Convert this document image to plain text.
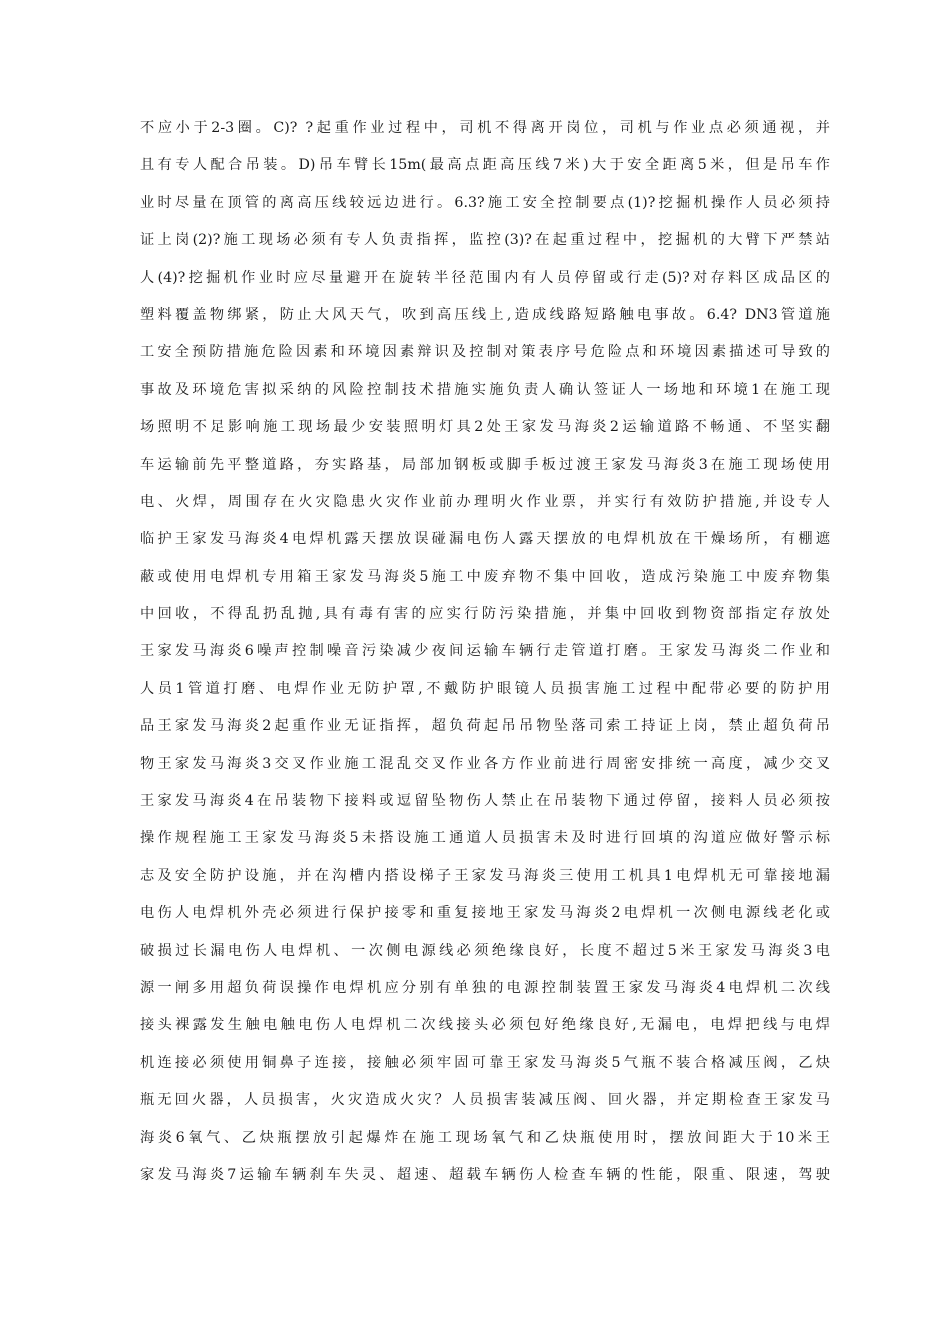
不应小于2-3圈。C)? ?起重作业过程中，司机不得离开岗位，司机与作业点必须通视，并
且有专人配合吊装。D)吊车臂长15m(最高点距高压线7米)大于安全距离5米，但是吊车作
业时尽量在顶管的离高压线较远边进行。6.3?施工安全控制要点(1)?挖掘机操作人员必须持
证上岗(2)?施工现场必须有专人负责指挥，监控(3)?在起重过程中，挖掘机的大臂下严禁站
人(4)?挖掘机作业时应尽量避开在旋转半径范围内有人员停留或行走(5)?对存料区成品区的
塑料覆盖物绑紧，防止大风天气，吹到高压线上,造成线路短路触电事故。6.4? DN3管道施
工安全预防措施危险因素和环境因素辩识及控制对策表序号危险点和环境因素描述可导致的
事故及环境危害拟采纳的风险控制技术措施实施负责人确认签证人一场地和环境1在施工现
场照明不足影响施工现场最少安装照明灯具2处王家发马海炎2运输道路不畅通、不坚实翻
车运输前先平整道路，夯实路基，局部加钢板或脚手板过渡王家发马海炎3在施工现场使用
电、火焊，周围存在火灾隐患火灾作业前办理明火作业票，并实行有效防护措施,并设专人
临护王家发马海炎4电焊机露天摆放误碰漏电伤人露天摆放的电焊机放在干燥场所，有棚遮
蔽或使用电焊机专用箱王家发马海炎5施工中废弃物不集中回收，造成污染施工中废弃物集
中回收，不得乱扔乱抛,具有毒有害的应实行防污染措施，并集中回收到物资部指定存放处
王家发马海炎6噪声控制噪音污染减少夜间运输车辆行走管道打磨。王家发马海炎二作业和
人员1管道打磨、电焊作业无防护罩,不戴防护眼镜人员损害施工过程中配带必要的防护用
品王家发马海炎2起重作业无证指挥，超负荷起吊吊物坠落司索工持证上岗，禁止超负荷吊
物王家发马海炎3交叉作业施工混乱交叉作业各方作业前进行周密安排统一高度，减少交叉
王家发马海炎4在吊装物下接料或逗留坠物伤人禁止在吊装物下通过停留，接料人员必须按
操作规程施工王家发马海炎5未搭设施工通道人员损害未及时进行回填的沟道应做好警示标
志及安全防护设施，并在沟槽内搭设梯子王家发马海炎三使用工机具1电焊机无可靠接地漏
电伤人电焊机外壳必须进行保护接零和重复接地王家发马海炎2电焊机一次侧电源线老化或
破损过长漏电伤人电焊机、一次侧电源线必须绝缘良好，长度不超过5米王家发马海炎3电
源一闸多用超负荷误操作电焊机应分别有单独的电源控制装置王家发马海炎4电焊机二次线
接头裸露发生触电触电伤人电焊机二次线接头必须包好绝缘良好,无漏电，电焊把线与电焊
机连接必须使用铜鼻子连接，接触必须牢固可靠王家发马海炎5气瓶不装合格减压阀，乙炔
瓶无回火器，人员损害，火灾造成火灾？人员损害装减压阀、回火器，并定期检查王家发马
海炎6氧气、乙炔瓶摆放引起爆炸在施工现场氧气和乙炔瓶使用时，摆放间距大于10米王
家发马海炎7运输车辆刹车失灵、超速、超载车辆伤人检查车辆的性能，限重、限速，驾驶
